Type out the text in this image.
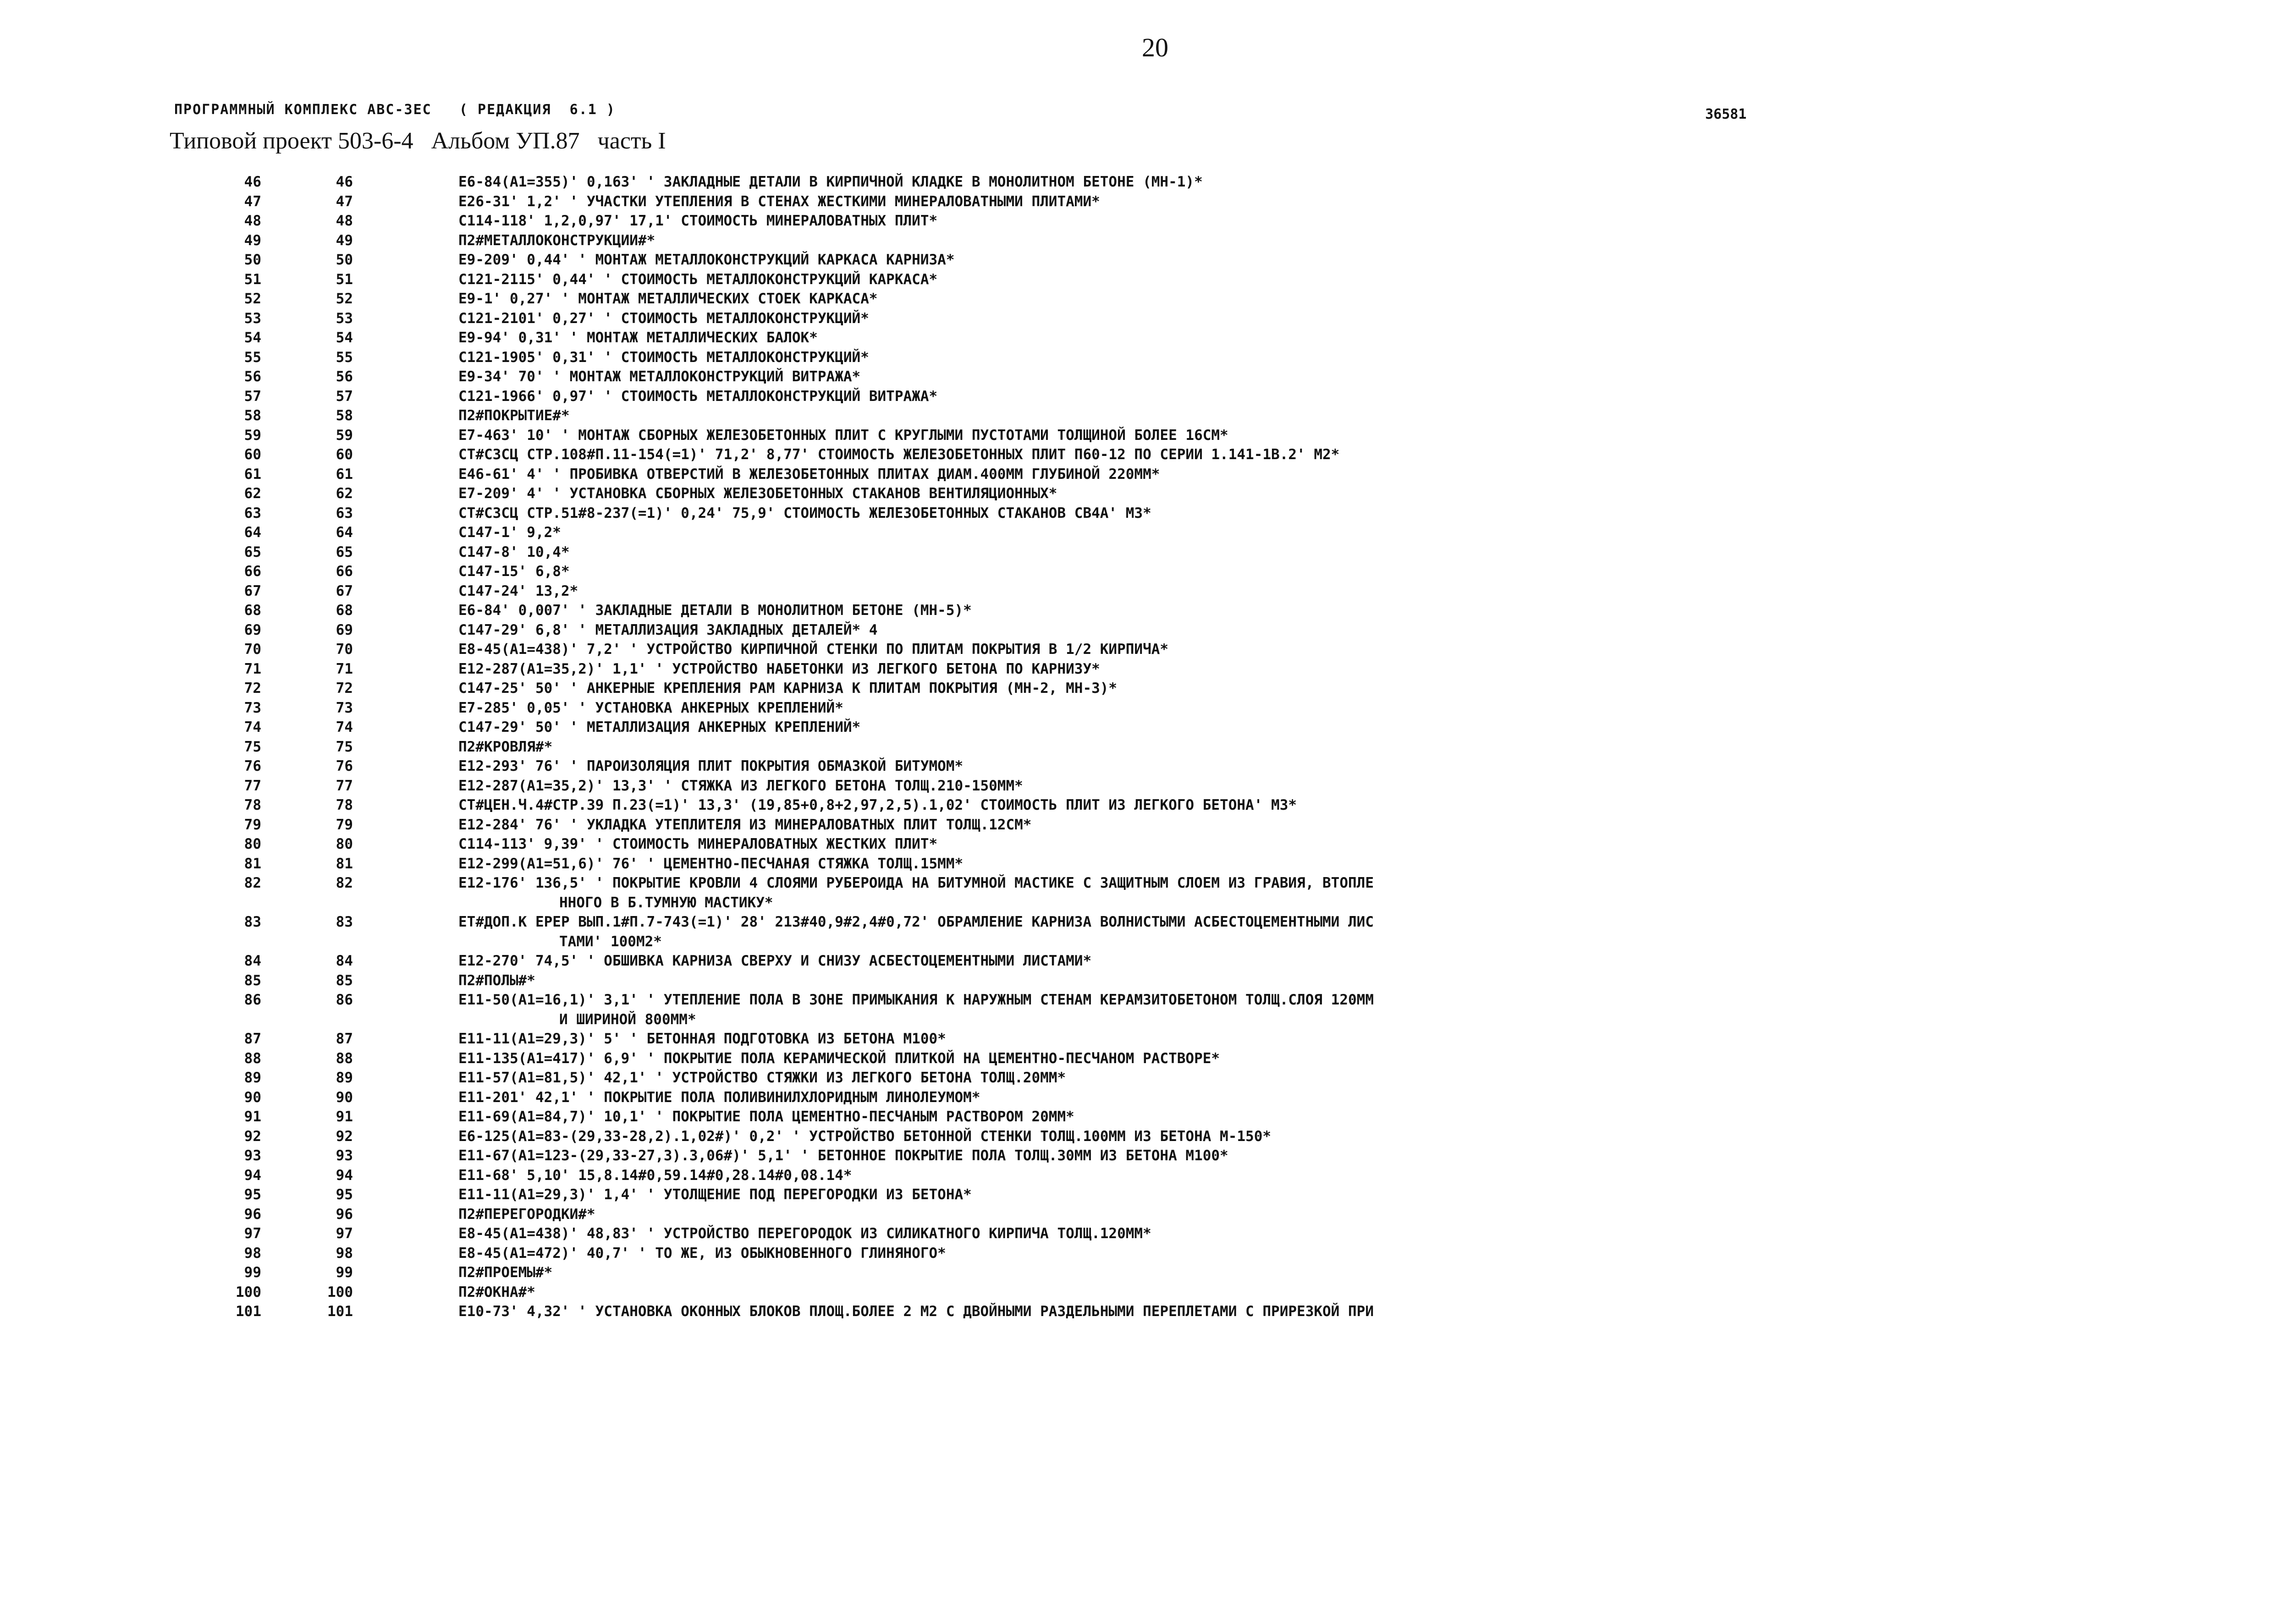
20
ПРОГРАММНЫЙ КОМПЛЕКС АВС-ЗЕС   ( РЕДАКЦИЯ  6.1 )	36581
Типовой проект 503-6-4   Альбом УП.87   часть I
46	46	Е6-84(А1=355)' 0,163' ' ЗАКЛАДНЫЕ ДЕТАЛИ В КИРПИЧНОЙ КЛАДКЕ В МОНОЛИТНОМ БЕТОНЕ (МН-1)*
47	47	Е26-31' 1,2' ' УЧАСТКИ УТЕПЛЕНИЯ В СТЕНАХ ЖЕСТКИМИ МИНЕРАЛОВАТНЫМИ ПЛИТАМИ*
48	48	С114-118' 1,2,0,97' 17,1' СТОИМОСТЬ МИНЕРАЛОВАТНЫХ ПЛИТ*
49	49	П2#МЕТАЛЛОКОНСТРУКЦИИ#*
50	50	Е9-209' 0,44' ' МОНТАЖ МЕТАЛЛОКОНСТРУКЦИЙ КАРКАСА КАРНИЗА*
51	51	С121-2115' 0,44' ' СТОИМОСТЬ МЕТАЛЛОКОНСТРУКЦИЙ КАРКАСА*
52	52	Е9-1' 0,27' ' МОНТАЖ МЕТАЛЛИЧЕСКИХ СТОЕК КАРКАСА*
53	53	С121-2101' 0,27' ' СТОИМОСТЬ МЕТАЛЛОКОНСТРУКЦИЙ*
54	54	Е9-94' 0,31' ' МОНТАЖ МЕТАЛЛИЧЕСКИХ БАЛОК*
55	55	С121-1905' 0,31' ' СТОИМОСТЬ МЕТАЛЛОКОНСТРУКЦИЙ*
56	56	Е9-34' 70' ' МОНТАЖ МЕТАЛЛОКОНСТРУКЦИЙ ВИТРАЖА*
57	57	С121-1966' 0,97' ' СТОИМОСТЬ МЕТАЛЛОКОНСТРУКЦИЙ ВИТРАЖА*
58	58	П2#ПОКРЫТИЕ#*
59	59	Е7-463' 10' ' МОНТАЖ СБОРНЫХ ЖЕЛЕЗОБЕТОННЫХ ПЛИТ С КРУГЛЫМИ ПУСТОТАМИ ТОЛЩИНОЙ БОЛЕЕ 16СМ*
60	60	СТ#СЗСЦ СТР.108#П.11-154(=1)' 71,2' 8,77' СТОИМОСТЬ ЖЕЛЕЗОБЕТОННЫХ ПЛИТ П60-12 ПО СЕРИИ 1.141-1В.2' М2*
61	61	Е46-61' 4' ' ПРОБИВКА ОТВЕРСТИЙ В ЖЕЛЕЗОБЕТОННЫХ ПЛИТАХ ДИАМ.400ММ ГЛУБИНОЙ 220ММ*
62	62	Е7-209' 4' ' УСТАНОВКА СБОРНЫХ ЖЕЛЕЗОБЕТОННЫХ СТАКАНОВ ВЕНТИЛЯЦИОННЫХ*
63	63	СТ#СЗСЦ СТР.51#8-237(=1)' 0,24' 75,9' СТОИМОСТЬ ЖЕЛЕЗОБЕТОННЫХ СТАКАНОВ СВ4А' М3*
64	64	С147-1' 9,2*
65	65	С147-8' 10,4*
66	66	С147-15' 6,8*
67	67	С147-24' 13,2*
68	68	Е6-84' 0,007' ' ЗАКЛАДНЫЕ ДЕТАЛИ В МОНОЛИТНОМ БЕТОНЕ (МН-5)*
69	69	С147-29' 6,8' ' МЕТАЛЛИЗАЦИЯ ЗАКЛАДНЫХ ДЕТАЛЕЙ* 4
70	70	Е8-45(А1=438)' 7,2' ' УСТРОЙСТВО КИРПИЧНОЙ СТЕНКИ ПО ПЛИТАМ ПОКРЫТИЯ В 1/2 КИРПИЧА*
71	71	Е12-287(А1=35,2)' 1,1' ' УСТРОЙСТВО НАБЕТОНКИ ИЗ ЛЕГКОГО БЕТОНА ПО КАРНИЗУ*
72	72	С147-25' 50' ' АНКЕРНЫЕ КРЕПЛЕНИЯ РАМ КАРНИЗА К ПЛИТАМ ПОКРЫТИЯ (МН-2, МН-3)*
73	73	Е7-285' 0,05' ' УСТАНОВКА АНКЕРНЫХ КРЕПЛЕНИЙ*
74	74	С147-29' 50' ' МЕТАЛЛИЗАЦИЯ АНКЕРНЫХ КРЕПЛЕНИЙ*
75	75	П2#КРОВЛЯ#*
76	76	Е12-293' 76' ' ПАРОИЗОЛЯЦИЯ ПЛИТ ПОКРЫТИЯ ОБМАЗКОЙ БИТУМОМ*
77	77	Е12-287(А1=35,2)' 13,3' ' СТЯЖКА ИЗ ЛЕГКОГО БЕТОНА ТОЛЩ.210-150ММ*
78	78	СТ#ЦЕН.Ч.4#СТР.39 П.23(=1)' 13,3' (19,85+0,8+2,97,2,5).1,02' СТОИМОСТЬ ПЛИТ ИЗ ЛЕГКОГО БЕТОНА' М3*
79	79	Е12-284' 76' ' УКЛАДКА УТЕПЛИТЕЛЯ ИЗ МИНЕРАЛОВАТНЫХ ПЛИТ ТОЛЩ.12СМ*
80	80	С114-113' 9,39' ' СТОИМОСТЬ МИНЕРАЛОВАТНЫХ ЖЕСТКИХ ПЛИТ*
81	81	Е12-299(А1=51,6)' 76' ' ЦЕМЕНТНО-ПЕСЧАНАЯ СТЯЖКА ТОЛЩ.15ММ*
82	82	Е12-176' 136,5' ' ПОКРЫТИЕ КРОВЛИ 4 СЛОЯМИ РУБЕРОИДА НА БИТУМНОЙ МАСТИКЕ С ЗАЩИТНЫМ СЛОЕМ ИЗ ГРАВИЯ, ВТОПЛЕ
ННОГО В Б.ТУМНУЮ МАСТИКУ*
83	83	ЕТ#ДОП.К ЕРЕР ВЫП.1#П.7-743(=1)' 28' 213#40,9#2,4#0,72' ОБРАМЛЕНИЕ КАРНИЗА ВОЛНИСТЫМИ АСБЕСТОЦЕМЕНТНЫМИ ЛИС
ТАМИ' 100М2*
84	84	Е12-270' 74,5' ' ОБШИВКА КАРНИЗА СВЕРХУ И СНИЗУ АСБЕСТОЦЕМЕНТНЫМИ ЛИСТАМИ*
85	85	П2#ПОЛЫ#*
86	86	Е11-50(А1=16,1)' 3,1' ' УТЕПЛЕНИЕ ПОЛА В ЗОНЕ ПРИМЫКАНИЯ К НАРУЖНЫМ СТЕНАМ КЕРАМЗИТОБЕТОНОМ ТОЛЩ.СЛОЯ 120ММ
И ШИРИНОЙ 800ММ*
87	87	Е11-11(А1=29,3)' 5' ' БЕТОННАЯ ПОДГОТОВКА ИЗ БЕТОНА М100*
88	88	Е11-135(А1=417)' 6,9' ' ПОКРЫТИЕ ПОЛА КЕРАМИЧЕСКОЙ ПЛИТКОЙ НА ЦЕМЕНТНО-ПЕСЧАНОМ РАСТВОРЕ*
89	89	Е11-57(А1=81,5)' 42,1' ' УСТРОЙСТВО СТЯЖКИ ИЗ ЛЕГКОГО БЕТОНА ТОЛЩ.20ММ*
90	90	Е11-201' 42,1' ' ПОКРЫТИЕ ПОЛА ПОЛИВИНИЛХЛОРИДНЫМ ЛИНОЛЕУМОМ*
91	91	Е11-69(А1=84,7)' 10,1' ' ПОКРЫТИЕ ПОЛА ЦЕМЕНТНО-ПЕСЧАНЫМ РАСТВОРОМ 20ММ*
92	92	Е6-125(А1=83-(29,33-28,2).1,02#)' 0,2' ' УСТРОЙСТВО БЕТОННОЙ СТЕНКИ ТОЛЩ.100ММ ИЗ БЕТОНА М-150*
93	93	Е11-67(А1=123-(29,33-27,3).3,06#)' 5,1' ' БЕТОННОЕ ПОКРЫТИЕ ПОЛА ТОЛЩ.30ММ ИЗ БЕТОНА М100*
94	94	Е11-68' 5,10' 15,8.14#0,59.14#0,28.14#0,08.14*
95	95	Е11-11(А1=29,3)' 1,4' ' УТОЛЩЕНИЕ ПОД ПЕРЕГОРОДКИ ИЗ БЕТОНА*
96	96	П2#ПЕРЕГОРОДКИ#*
97	97	Е8-45(А1=438)' 48,83' ' УСТРОЙСТВО ПЕРЕГОРОДОК ИЗ СИЛИКАТНОГО КИРПИЧА ТОЛЩ.120ММ*
98	98	Е8-45(А1=472)' 40,7' ' ТО ЖЕ, ИЗ ОБЫКНОВЕННОГО ГЛИНЯНОГО*
99	99	П2#ПРОЕМЫ#*
100	100	П2#ОКНА#*
101	101	Е10-73' 4,32' ' УСТАНОВКА ОКОННЫХ БЛОКОВ ПЛОЩ.БОЛЕЕ 2 М2 С ДВОЙНЫМИ РАЗДЕЛЬНЫМИ ПЕРЕПЛЕТАМИ С ПРИРЕЗКОЙ ПРИ
